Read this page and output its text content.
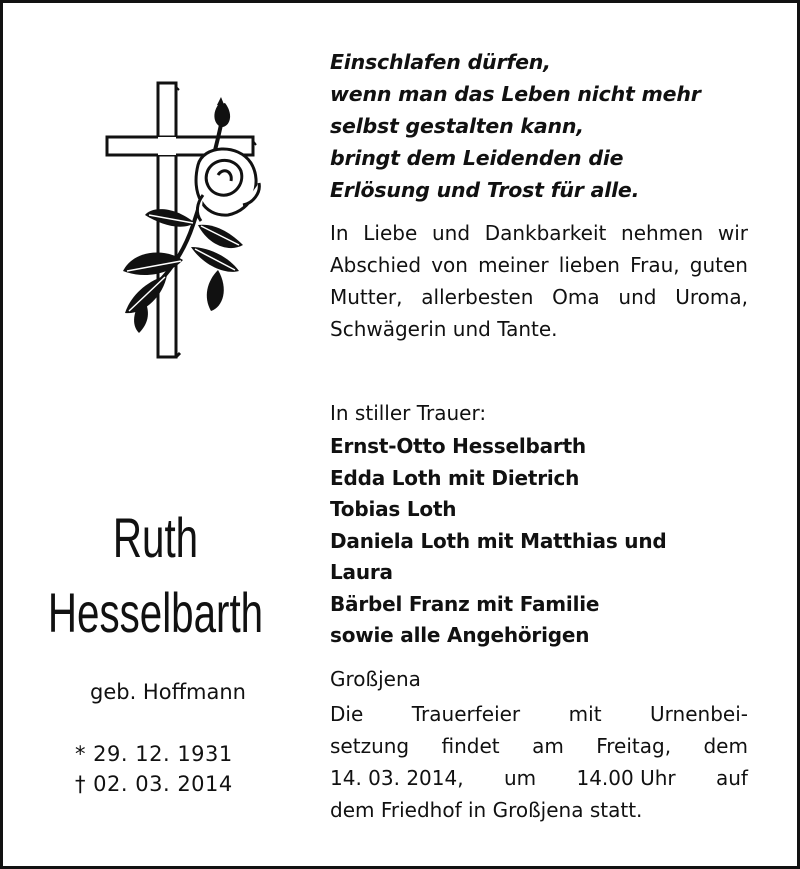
Ruth
Hesselbarth
geb. Hoffmann
* 29. 12. 1931
† 02. 03. 2014
Einschlafen dürfen,
wenn man das Leben nicht mehr
selbst gestalten kann,
bringt dem Leidenden die
Erlösung und Trost für alle.
In Liebe und Dankbarkeit nehmen wir Abschied von meiner lieben Frau, guten Mutter, allerbesten Oma und Uroma, Schwägerin und Tante.
In stiller Trauer:
Ernst-Otto Hesselbarth
Edda Loth mit Dietrich
Tobias Loth
Daniela Loth mit Matthias und
Laura
Bärbel Franz mit Familie
sowie alle Angehörigen
Großjena
Die Trauerfeier mit Urnenbei-
setzung findet am Freitag, dem
14. 03. 2014, um 14.00 Uhr auf
dem Friedhof in Großjena statt.
